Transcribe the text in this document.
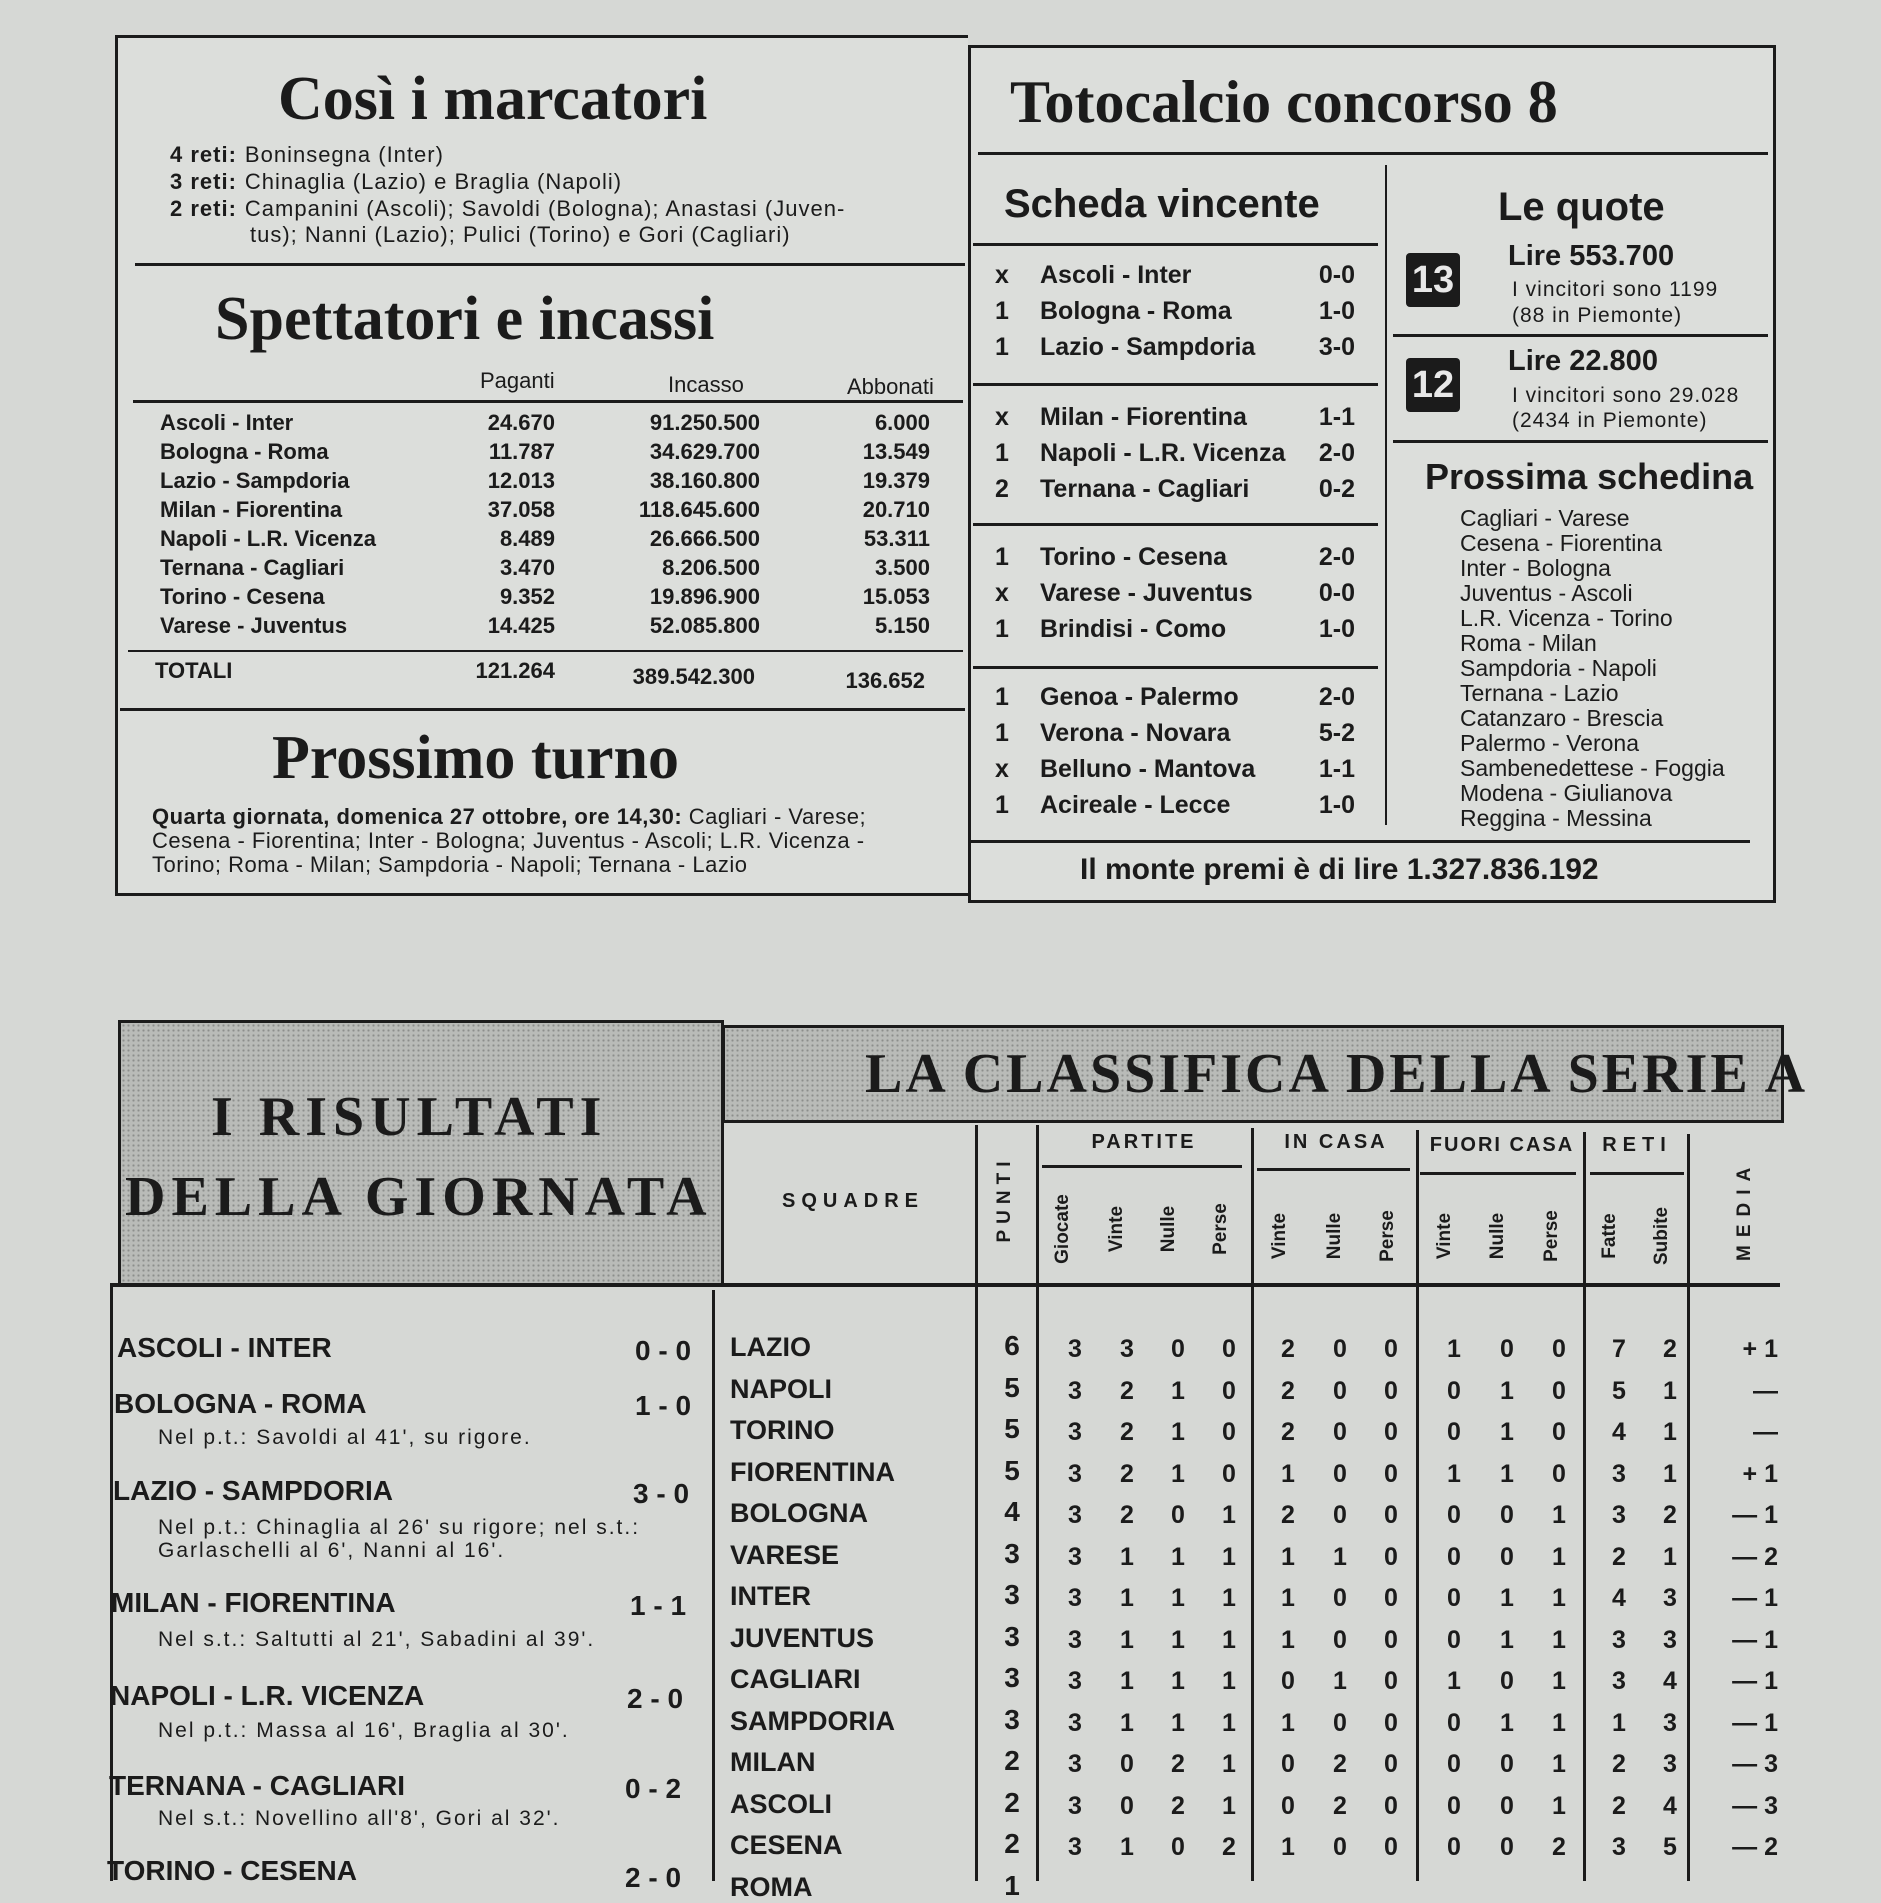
Così i marcatori
4 reti: Boninsegna (Inter)
3 reti: Chinaglia (Lazio) e Braglia (Napoli)
2 reti: Campanini (Ascoli); Savoldi (Bologna); Anastasi (Juven-
tus); Nanni (Lazio); Pulici (Torino) e Gori (Cagliari)
Spettatori e incassi
Paganti	Incasso	Abbonati
Ascoli - Inter	24.670	91.250.500	6.000
Bologna - Roma	11.787	34.629.700	13.549
Lazio - Sampdoria	12.013	38.160.800	19.379
Milan - Fiorentina	37.058	118.645.600	20.710
Napoli - L.R. Vicenza	8.489	26.666.500	53.311
Ternana - Cagliari	3.470	8.206.500	3.500
Torino - Cesena	9.352	19.896.900	15.053
Varese - Juventus	14.425	52.085.800	5.150
TOTALI	121.264	389.542.300	136.652
Prossimo turno
Quarta giornata, domenica 27 ottobre, ore 14,30: Cagliari - Varese; Cesena - Fiorentina; Inter - Bologna; Juventus - Ascoli; L.R. Vicenza - Torino; Roma - Milan; Sampdoria - Napoli; Ternana - Lazio
Totocalcio concorso 8
Scheda vincente
x Ascoli - Inter	0-0
1 Bologna - Roma	1-0
1 Lazio - Sampdoria	3-0
x Milan - Fiorentina	1-1
1 Napoli - L.R. Vicenza 2-0
2 Ternana - Cagliari	0-2
1 Torino - Cesena	2-0
x Varese - Juventus	0-0
1 Brindisi - Como	1-0
1 Genoa - Palermo	2-0
1 Verona - Novara	5-2
x Belluno - Mantova	1-1
1 Acireale - Lecce	1-0
Le quote
13
Lire 553.700
I vincitori sono 1199
(88 in Piemonte)
12
Lire 22.800
I vincitori sono 29.028
(2434 in Piemonte)
Prossima schedina
Cagliari - Varese
Cesena - Fiorentina
Inter - Bologna
Juventus - Ascoli
L.R. Vicenza - Torino
Roma - Milan
Sampdoria - Napoli
Ternana - Lazio
Catanzaro - Brescia
Palermo - Verona
Sambenedettese - Foggia
Modena - Giulianova
Reggina - Messina
Il monte premi è di lire 1.327.836.192
I RISULTATI
DELLA GIORNATA
ASCOLI - INTER	0 - 0
BOLOGNA - ROMA	1 - 0
Nel p.t.: Savoldi al 41', su rigore.
LAZIO - SAMPDORIA	3 - 0
Nel p.t.: Chinaglia al 26' su rigore; nel s.t.:
Garlaschelli al 6', Nanni al 16'.
MILAN - FIORENTINA	1 - 1
Nel s.t.: Saltutti al 21', Sabadini al 39'.
NAPOLI - L.R. VICENZA	2 - 0
Nel p.t.: Massa al 16', Braglia al 30'.
TERNANA - CAGLIARI	0 - 2
Nel s.t.: Novellino all'8', Gori al 32'.
TORINO - CESENA	2 - 0
LA CLASSIFICA DELLA SERIE A
SQUADRE	PUNTI
PARTITE
Giocate Vinte Nulle Perse
IN CASA
Vinte Nulle Perse
FUORI CASA
Vinte Nulle Perse
RETI
Fatte Subite	MEDIA
LAZIO	6	3	3	0	0	2	0	0	1	0	0	7	2	+ 1
NAPOLI	5	3	2	1	0	2	0	0	0	1	0	5	1	—
TORINO	5	3	2	1	0	2	0	0	0	1	0	4	1	—
FIORENTINA	5	3	2	1	0	1	0	0	1	1	0	3	1	+ 1
BOLOGNA	4	3	2	0	1	2	0	0	0	0	1	3	2	— 1
VARESE	3	3	1	1	1	1	1	0	0	0	1	2	1	— 2
INTER	3	3	1	1	1	1	0	0	0	1	1	4	3	— 1
JUVENTUS	3	3	1	1	1	1	0	0	0	1	1	3	3	— 1
CAGLIARI	3	3	1	1	1	0	1	0	1	0	1	3	4	— 1
SAMPDORIA	3	3	1	1	1	1	0	0	0	1	1	1	3	— 1
MILAN	2	3	0	2	1	0	2	0	0	0	1	2	3	— 3
ASCOLI	2	3	0	2	1	0	2	0	0	0	1	2	4	— 3
CESENA	2	3	1	0	2	1	0	0	0	0	2	3	5	— 2
ROMA	1
